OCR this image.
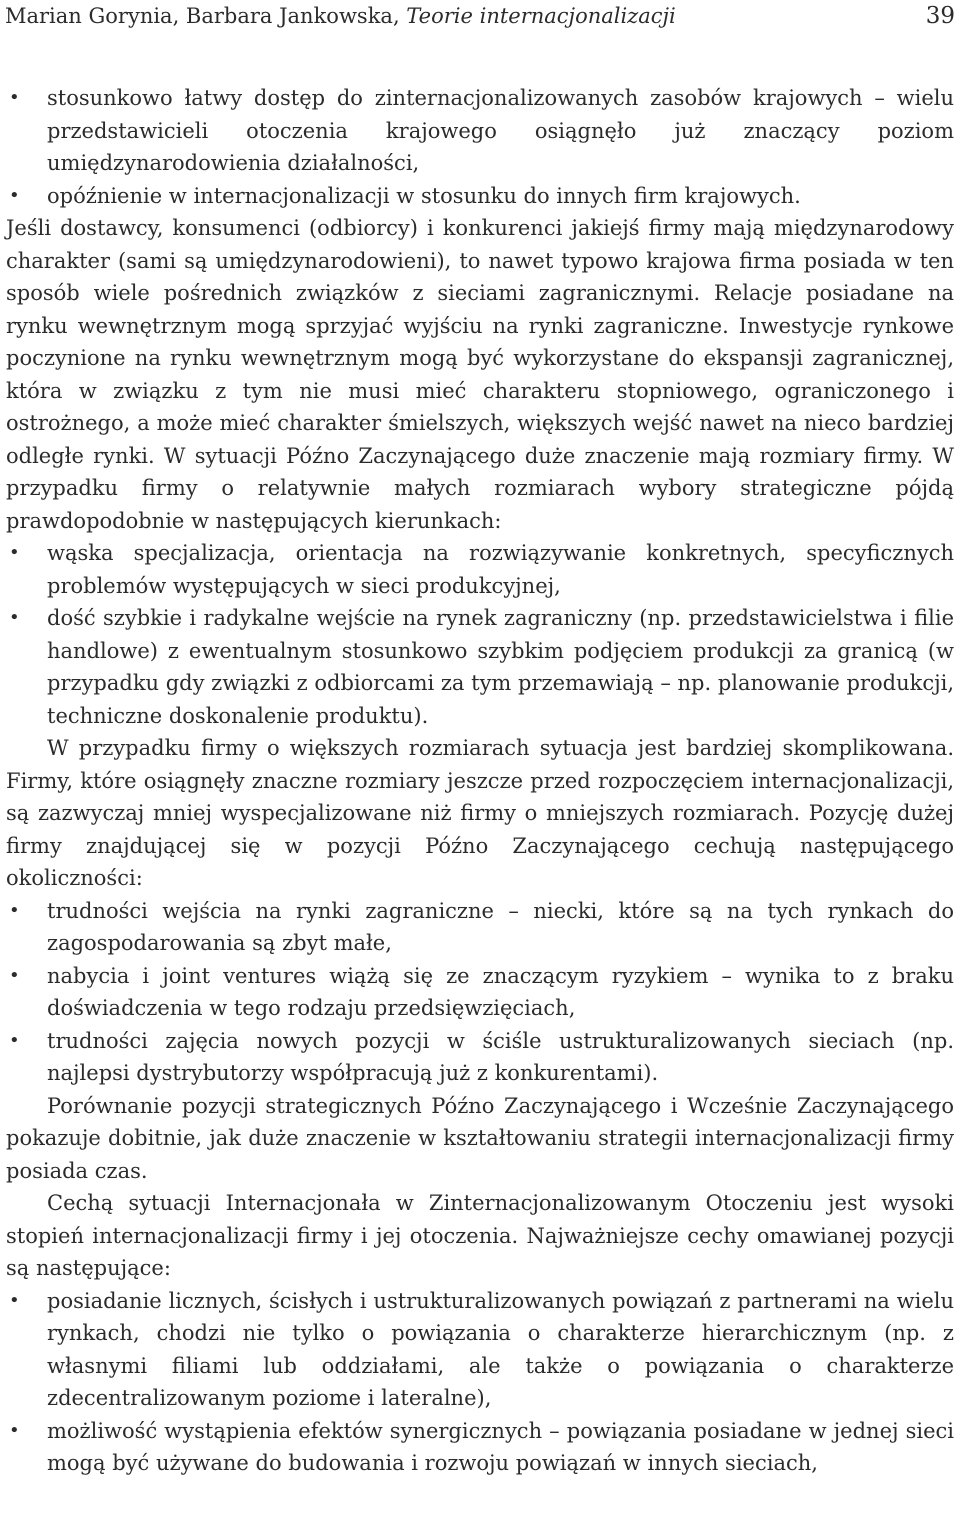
Marian Gorynia, Barbara Jankowska, Teorie internacjonalizacji	39
• stosunkowo łatwy dostęp do zinternacjonalizowanych zasobów krajowych – wielu przedstawicieli otoczenia krajowego osiągnęło już znaczący poziom umiędzynarodowienia działalności,
• opóźnienie w internacjonalizacji w stosunku do innych firm krajowych.

Jeśli dostawcy, konsumenci (odbiorcy) i konkurenci jakiejś firmy mają międzynarodowy charakter (sami są umiędzynarodowieni), to nawet typowo krajowa firma posiada w ten sposób wiele pośrednich związków z sieciami zagranicznymi. Relacje posiadane na rynku wewnętrznym mogą sprzyjać wyjściu na rynki zagraniczne. Inwestycje rynkowe poczynione na rynku wewnętrznym mogą być wykorzystane do ekspansji zagranicznej, która w związku z tym nie musi mieć charakteru stopniowego, ograniczonego i ostrożnego, a może mieć charakter śmielszych, większych wejść nawet na nieco bardziej odległe rynki. W sytuacji Późno Zaczynającego duże znaczenie mają rozmiary firmy. W przypadku firmy o relatywnie małych rozmiarach wybory strategiczne pójdą prawdopodobnie w następujących kierunkach:

• wąska specjalizacja, orientacja na rozwiązywanie konkretnych, specyficznych problemów występujących w sieci produkcyjnej,
• dość szybkie i radykalne wejście na rynek zagraniczny (np. przedstawicielstwa i filie handlowe) z ewentualnym stosunkowo szybkim podjęciem produkcji za granicą (w przypadku gdy związki z odbiorcami za tym przemawiają – np. planowanie produkcji, techniczne doskonalenie produktu).

W przypadku firmy o większych rozmiarach sytuacja jest bardziej skomplikowana. Firmy, które osiągnęły znaczne rozmiary jeszcze przed rozpoczęciem internacjonalizacji, są zazwyczaj mniej wyspecjalizowane niż firmy o mniejszych rozmiarach. Pozycję dużej firmy znajdującej się w pozycji Późno Zaczynającego cechują następującego okoliczności:

• trudności wejścia na rynki zagraniczne – niecki, które są na tych rynkach do zagospodarowania są zbyt małe,
• nabycia i joint ventures wiążą się ze znaczącym ryzykiem – wynika to z braku doświadczenia w tego rodzaju przedsięwzięciach,
• trudności zajęcia nowych pozycji w ściśle ustrukturalizowanych sieciach (np. najlepsi dystrybutorzy współpracują już z konkurentami).

Porównanie pozycji strategicznych Późno Zaczynającego i Wcześnie Zaczynającego pokazuje dobitnie, jak duże znaczenie w kształtowaniu strategii internacjonalizacji firmy posiada czas.

Cechą sytuacji Internacjonała w Zinternacjonalizowanym Otoczeniu jest wysoki stopień internacjonalizacji firmy i jej otoczenia. Najważniejsze cechy omawianej pozycji są następujące:

• posiadanie licznych, ścisłych i ustrukturalizowanych powiązań z partnerami na wielu rynkach, chodzi nie tylko o powiązania o charakterze hierarchicznym (np. z własnymi filiami lub oddziałami, ale także o powiązania o charakterze zdecentralizowanym poziome i lateralne),
• możliwość wystąpienia efektów synergicznych – powiązania posiadane w jednej sieci mogą być używane do budowania i rozwoju powiązań w innych sieciach,
